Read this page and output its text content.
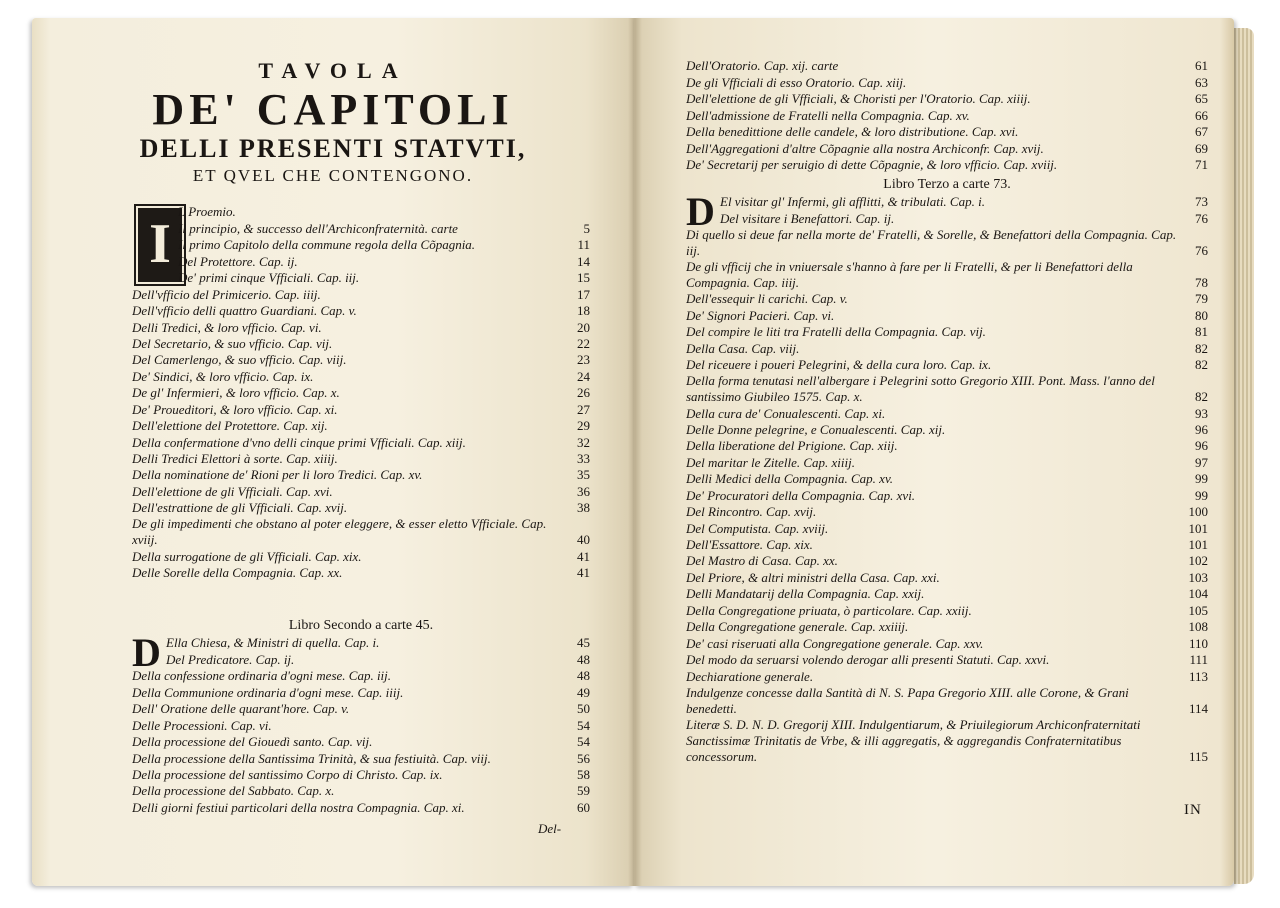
TAVOLA
DE' CAPITOLI
DELLI PRESENTI STATVTI,
ET QVEL CHE CONTENGONO.
I
L Proemio.
Il principio, & successo dell'Archiconfraternità. carte	5
Il primo Capitolo della commune regola della Cõpagnia.	11
Del Protettore. Cap. ij.	14
De' primi cinque Vfficiali. Cap. iij.	15
Dell'vfficio del Primicerio. Cap. iiij.	17
Dell'vfficio delli quattro Guardiani. Cap. v.	18
Delli Tredici, & loro vfficio. Cap. vi.	20
Del Secretario, & suo vfficio. Cap. vij.	22
Del Camerlengo, & suo vfficio. Cap. viij.	23
De' Sindici, & loro vfficio. Cap. ix.	24
De gl' Infermieri, & loro vfficio. Cap. x.	26
De' Proueditori, & loro vfficio. Cap. xi.	27
Dell'elettione del Protettore. Cap. xij.	29
Della confermatione d'vno delli cinque primi Vfficiali. Cap. xiij.	32
Delli Tredici Elettori à sorte. Cap. xiiij.	33
Della nominatione de' Rioni per li loro Tredici. Cap. xv.	35
Dell'elettione de gli Vfficiali. Cap. xvi.	36
Dell'estrattione de gli Vfficiali. Cap. xvij.	38
De gli impedimenti che obstano al poter eleggere, & esser eletto Vfficiale. Cap. xviij.	40
Della surrogatione de gli Vfficiali. Cap. xix.	41
Delle Sorelle della Compagnia. Cap. xx.	41
Libro Secondo a carte 45.
D Ella Chiesa, & Ministri di quella. Cap. i.	45
Del Predicatore. Cap. ij.	48
Della confessione ordinaria d'ogni mese. Cap. iij.	48
Della Communione ordinaria d'ogni mese. Cap. iiij.	49
Dell' Oratione delle quarant'hore. Cap. v.	50
Delle Processioni. Cap. vi.	54
Della processione del Giouedì santo. Cap. vij.	54
Della processione della Santissima Trinità, & sua festiuità. Cap. viij.	56
Della processione del santissimo Corpo di Christo. Cap. ix.	58
Della processione del Sabbato. Cap. x.	59
Delli giorni festiui particolari della nostra Compagnia. Cap. xi.	60
Del-
Dell'Oratorio. Cap. xij. carte	61
De gli Vfficiali di esso Oratorio. Cap. xiij.	63
Dell'elettione de gli Vfficiali, & Choristi per l'Oratorio. Cap. xiiij.	65
Dell'admissione de Fratelli nella Compagnia. Cap. xv.	66
Della benedittione delle candele, & loro distributione. Cap. xvi.	67
Dell'Aggregationi d'altre Cõpagnie alla nostra Archiconfr. Cap. xvij.	69
De' Secretarij per seruigio di dette Cõpagnie, & loro vfficio. Cap. xviij.	71
Libro Terzo a carte 73.
D El visitar gl' Infermi, gli afflitti, & tribulati. Cap. i.	73
Del visitare i Benefattori. Cap. ij.	76
Di quello si deue far nella morte de' Fratelli, & Sorelle, & Benefattori della Compagnia. Cap. iij.	76
De gli vfficij che in vniuersale s'hanno à fare per li Fratelli, & per li Benefattori della Compagnia. Cap. iiij.	78
Dell'essequir li carichi. Cap. v.	79
De' Signori Pacieri. Cap. vi.	80
Del compire le liti tra Fratelli della Compagnia. Cap. vij.	81
Della Casa. Cap. viij.	82
Del riceuere i poueri Pelegrini, & della cura loro. Cap. ix.	82
Della forma tenutasi nell'albergare i Pelegrini sotto Gregorio XIII. Pont. Mass. l'anno del santissimo Giubileo 1575. Cap. x.	82
Della cura de' Conualescenti. Cap. xi.	93
Delle Donne pelegrine, e Conualescenti. Cap. xij.	96
Della liberatione del Prigione. Cap. xiij.	96
Del maritar le Zitelle. Cap. xiiij.	97
Delli Medici della Compagnia. Cap. xv.	99
De' Procuratori della Compagnia. Cap. xvi.	99
Del Rincontro. Cap. xvij.	100
Del Computista. Cap. xviij.	101
Dell'Essattore. Cap. xix.	101
Del Mastro di Casa. Cap. xx.	102
Del Priore, & altri ministri della Casa. Cap. xxi.	103
Delli Mandatarij della Compagnia. Cap. xxij.	104
Della Congregatione priuata, ò particolare. Cap. xxiij.	105
Della Congregatione generale. Cap. xxiiij.	108
De' casi riseruati alla Congregatione generale. Cap. xxv.	110
Del modo da seruarsi volendo derogar alli presenti Statuti. Cap. xxvi.	111
Dechiaratione generale.	113
Indulgenze concesse dalla Santità di N. S. Papa Gregorio XIII. alle Corone, & Grani benedetti.	114
Literæ S. D. N. D. Gregorij XIII. Indulgentiarum, & Priuilegiorum Archiconfraternitati Sanctissimæ Trinitatis de Vrbe, & illi aggregatis, & aggregandis Confraternitatibus concessorum.	115
IN
